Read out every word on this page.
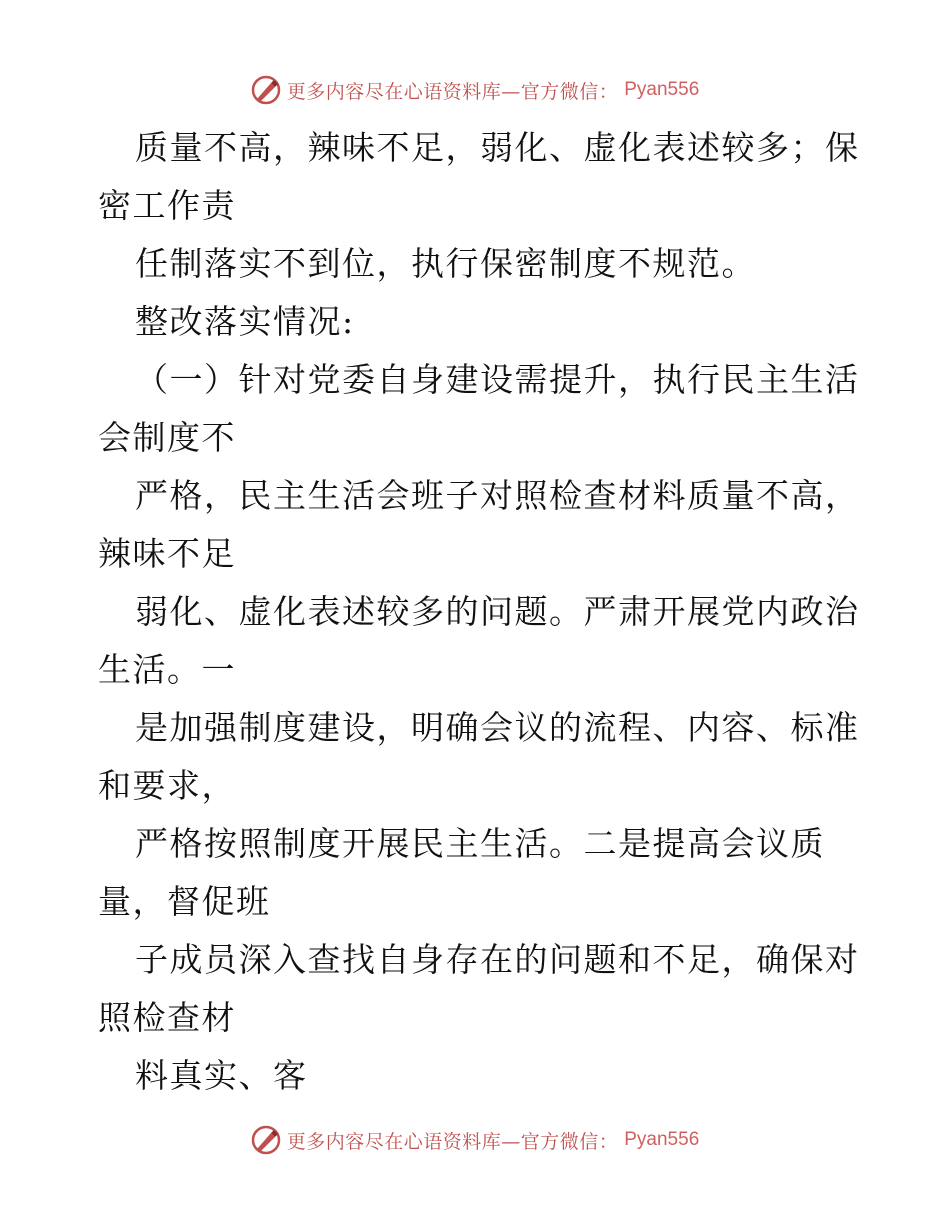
更多内容尽在心语资料库—官方微信： Pyan556
质量不高，辣味不足，弱化、虚化表述较多；保
密工作责
任制落实不到位，执行保密制度不规范。
整改落实情况:
（一）针对党委自身建设需提升，执行民主生活
会制度不
严格，民主生活会班子对照检查材料质量不高，
辣味不足
弱化、虚化表述较多的问题。严肃开展党内政治
生活。一
是加强制度建设，明确会议的流程、内容、标准
和要求，
严格按照制度开展民主生活。二是提高会议质
量，督促班
子成员深入查找自身存在的问题和不足，确保对
照检查材
料真实、客
更多内容尽在心语资料库—官方微信： Pyan556
